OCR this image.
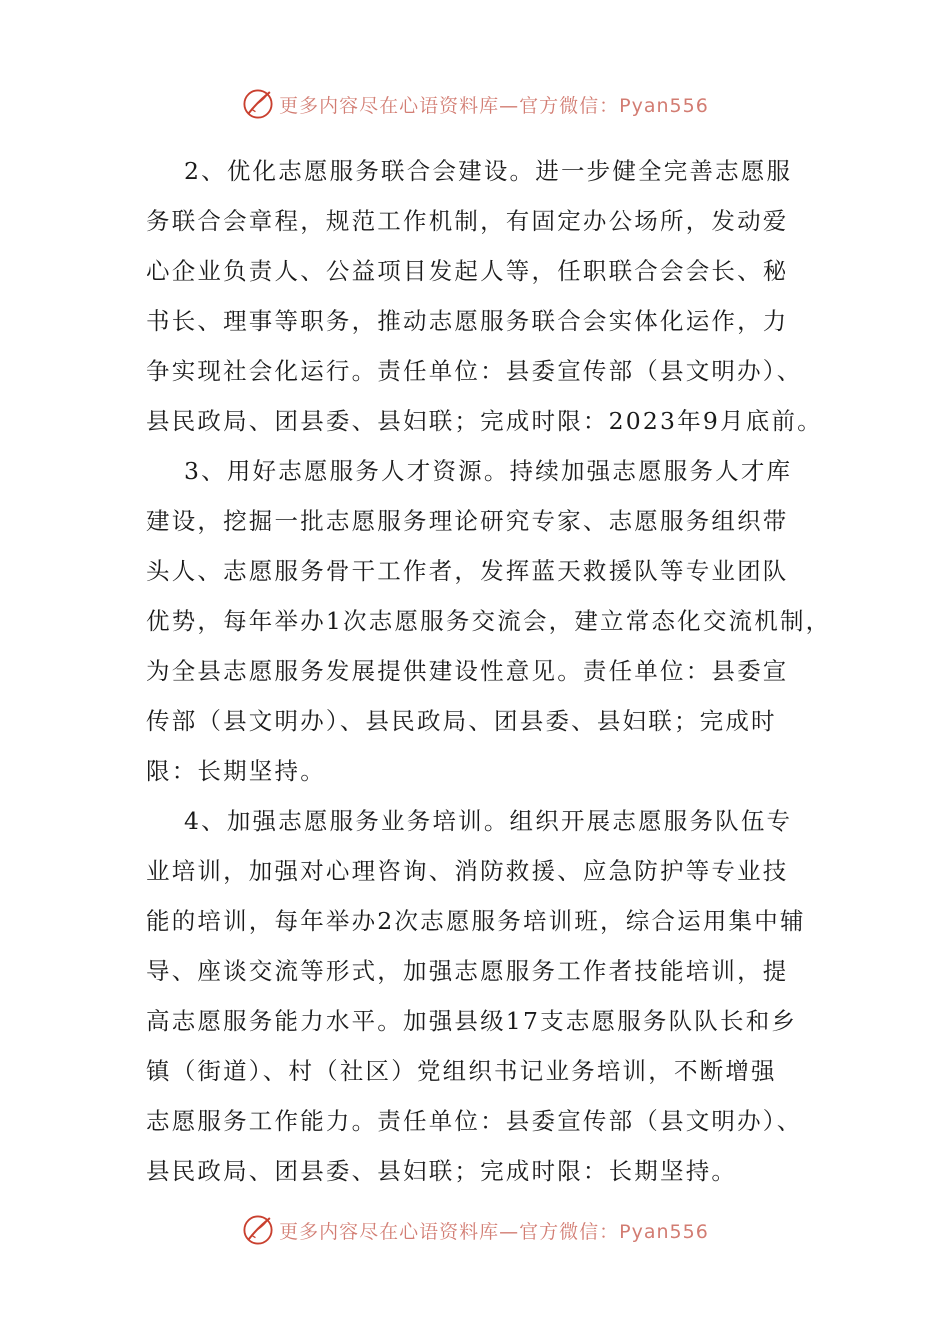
更多内容尽在心语资料库—官方微信：Pyan556

2、优化志愿服务联合会建设。进一步健全完善志愿服
务联合会章程，规范工作机制，有固定办公场所，发动爱
心企业负责人、公益项目发起人等，任职联合会会长、秘
书长、理事等职务，推动志愿服务联合会实体化运作，力
争实现社会化运行。责任单位：县委宣传部（县文明办）、
县民政局、团县委、县妇联；完成时限：2023年9月底前。

3、用好志愿服务人才资源。持续加强志愿服务人才库
建设，挖掘一批志愿服务理论研究专家、志愿服务组织带
头人、志愿服务骨干工作者，发挥蓝天救援队等专业团队
优势，每年举办1次志愿服务交流会，建立常态化交流机制，
为全县志愿服务发展提供建设性意见。责任单位：县委宣
传部（县文明办）、县民政局、团县委、县妇联；完成时
限：长期坚持。

4、加强志愿服务业务培训。组织开展志愿服务队伍专
业培训，加强对心理咨询、消防救援、应急防护等专业技
能的培训，每年举办2次志愿服务培训班，综合运用集中辅
导、座谈交流等形式，加强志愿服务工作者技能培训，提
高志愿服务能力水平。加强县级17支志愿服务队队长和乡
镇（街道）、村（社区）党组织书记业务培训，不断增强
志愿服务工作能力。责任单位：县委宣传部（县文明办）、
县民政局、团县委、县妇联；完成时限：长期坚持。

更多内容尽在心语资料库—官方微信：Pyan556
